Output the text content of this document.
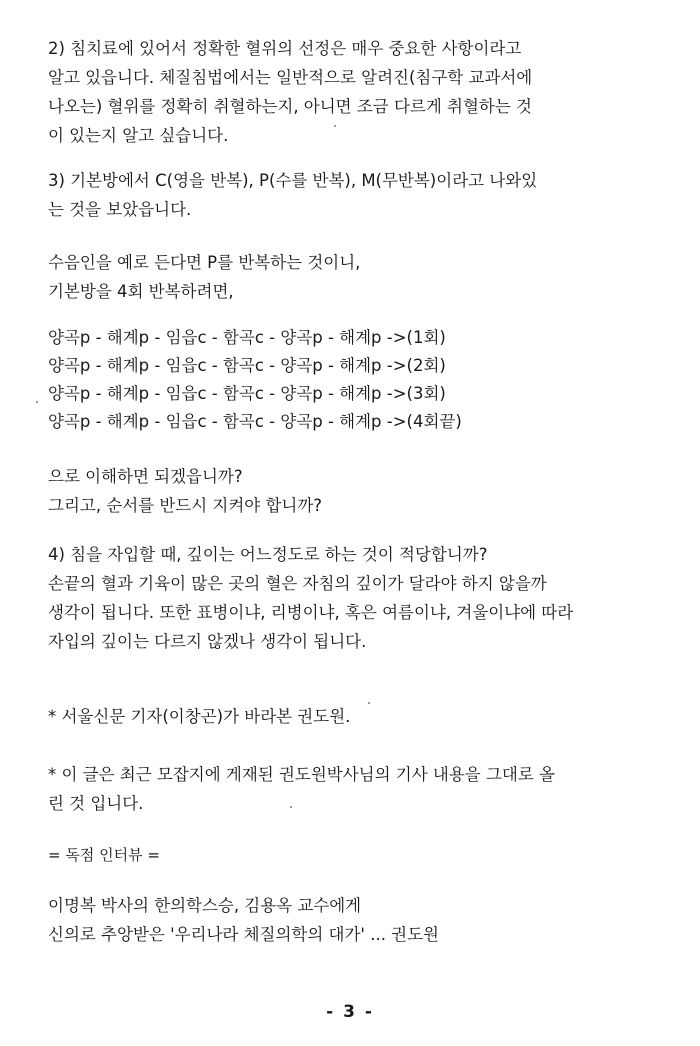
2) 침치료에 있어서 정확한 혈위의 선정은 매우 중요한 사항이라고
알고 있읍니다. 체질침법에서는 일반적으로 알려진(침구학 교과서에
나오는) 혈위를 정확히 취혈하는지, 아니면 조금 다르게 취혈하는 것
이 있는지 알고 싶습니다.
3) 기본방에서 C(영을 반복), P(수를 반복), M(무반복)이라고 나와있
는 것을 보았읍니다.
수음인을 예로 든다면 P를 반복하는 것이니,
기본방을 4회 반복하려면,
양곡p - 해계p - 임읍c - 함곡c - 양곡p - 해계p ->(1회)
양곡p - 해계p - 임읍c - 함곡c - 양곡p - 해계p ->(2회)
양곡p - 해계p - 임읍c - 함곡c - 양곡p - 해계p ->(3회)
양곡p - 해계p - 임읍c - 함곡c - 양곡p - 해계p ->(4회끝)
으로 이해하면 되겠읍니까?
그리고, 순서를 반드시 지켜야 합니까?
4) 침을 자입할 때, 깊이는 어느정도로 하는 것이 적당합니까?
손끝의 혈과 기육이 많은 곳의 혈은 자침의 깊이가 달라야 하지 않을까
생각이 됩니다. 또한 표병이냐, 리병이냐, 혹은 여름이냐, 겨울이냐에 따라
자입의 깊이는 다르지 않겠나 생각이 됩니다.
* 서울신문 기자(이창곤)가 바라본 권도원.
* 이 글은 최근 모잡지에 게재된 권도원박사님의 기사 내용을 그대로 올
린 것 입니다.
= 독점 인터뷰 =
이명복 박사의 한의학스승, 김용옥 교수에게
신의로 추앙받은 '우리나라 체질의학의 대가' ... 권도원
- 3 -
